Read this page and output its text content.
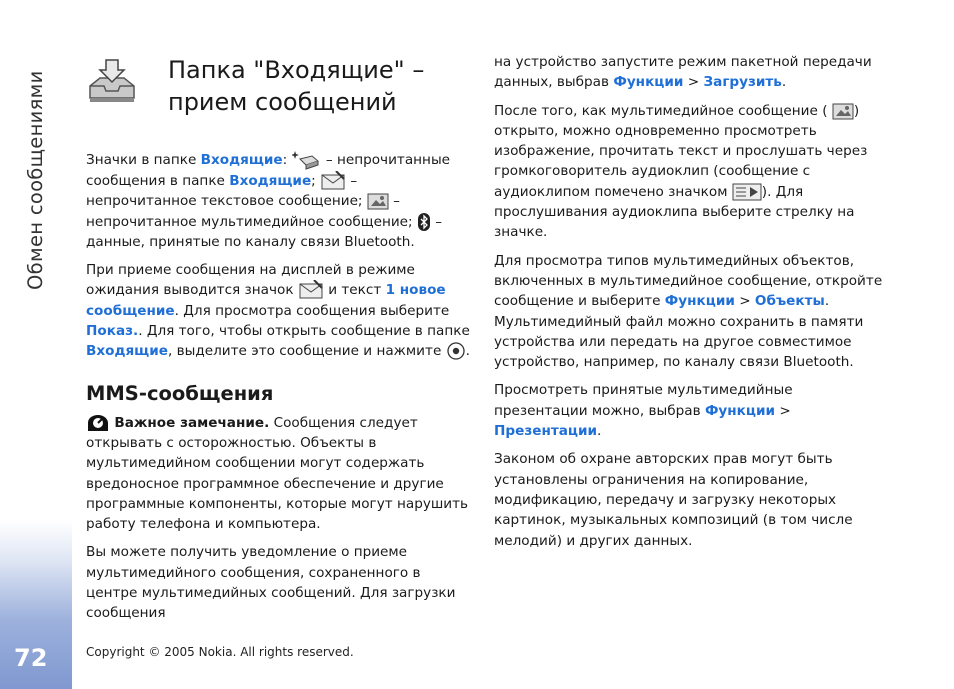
Обмен сообщениями
72
Папка "Входящие" – прием сообщений

Значки в папке Входящие:  – непрочитанные сообщения в папке Входящие;  – непрочитанное текстовое сообщение;  – непрочитанное мультимедийное сообщение;  – данные, принятые по каналу связи Bluetooth.

При приеме сообщения на дисплей в режиме ожидания выводится значок  и текст 1 новое сообщение. Для просмотра сообщения выберите Показ.. Для того, чтобы открыть сообщение в папке Входящие, выделите это сообщение и нажмите .

MMS-сообщения

Важное замечание. Сообщения следует открывать с осторожностью. Объекты в мультимедийном сообщении могут содержать вредоносное программное обеспечение и другие программные компоненты, которые могут нарушить работу телефона и компьютера.

Вы можете получить уведомление о приеме мультимедийного сообщения, сохраненного в центре мультимедийных сообщений. Для загрузки сообщения

на устройство запустите режим пакетной передачи данных, выбрав Функции > Загрузить.

После того, как мультимедийное сообщение ( ) открыто, можно одновременно просмотреть изображение, прочитать текст и прослушать через громкоговоритель аудиоклип (сообщение с аудиоклипом помечено значком ). Для прослушивания аудиоклипа выберите стрелку на значке.

Для просмотра типов мультимедийных объектов, включенных в мультимедийное сообщение, откройте сообщение и выберите Функции > Объекты. Мультимедийный файл можно сохранить в памяти устройства или передать на другое совместимое устройство, например, по каналу связи Bluetooth.

Просмотреть принятые мультимедийные презентации можно, выбрав Функции > Презентации.

Законом об охране авторских прав могут быть установлены ограничения на копирование, модификацию, передачу и загрузку некоторых картинок, музыкальных композиций (в том числе мелодий) и других данных.

Copyright © 2005 Nokia. All rights reserved.
